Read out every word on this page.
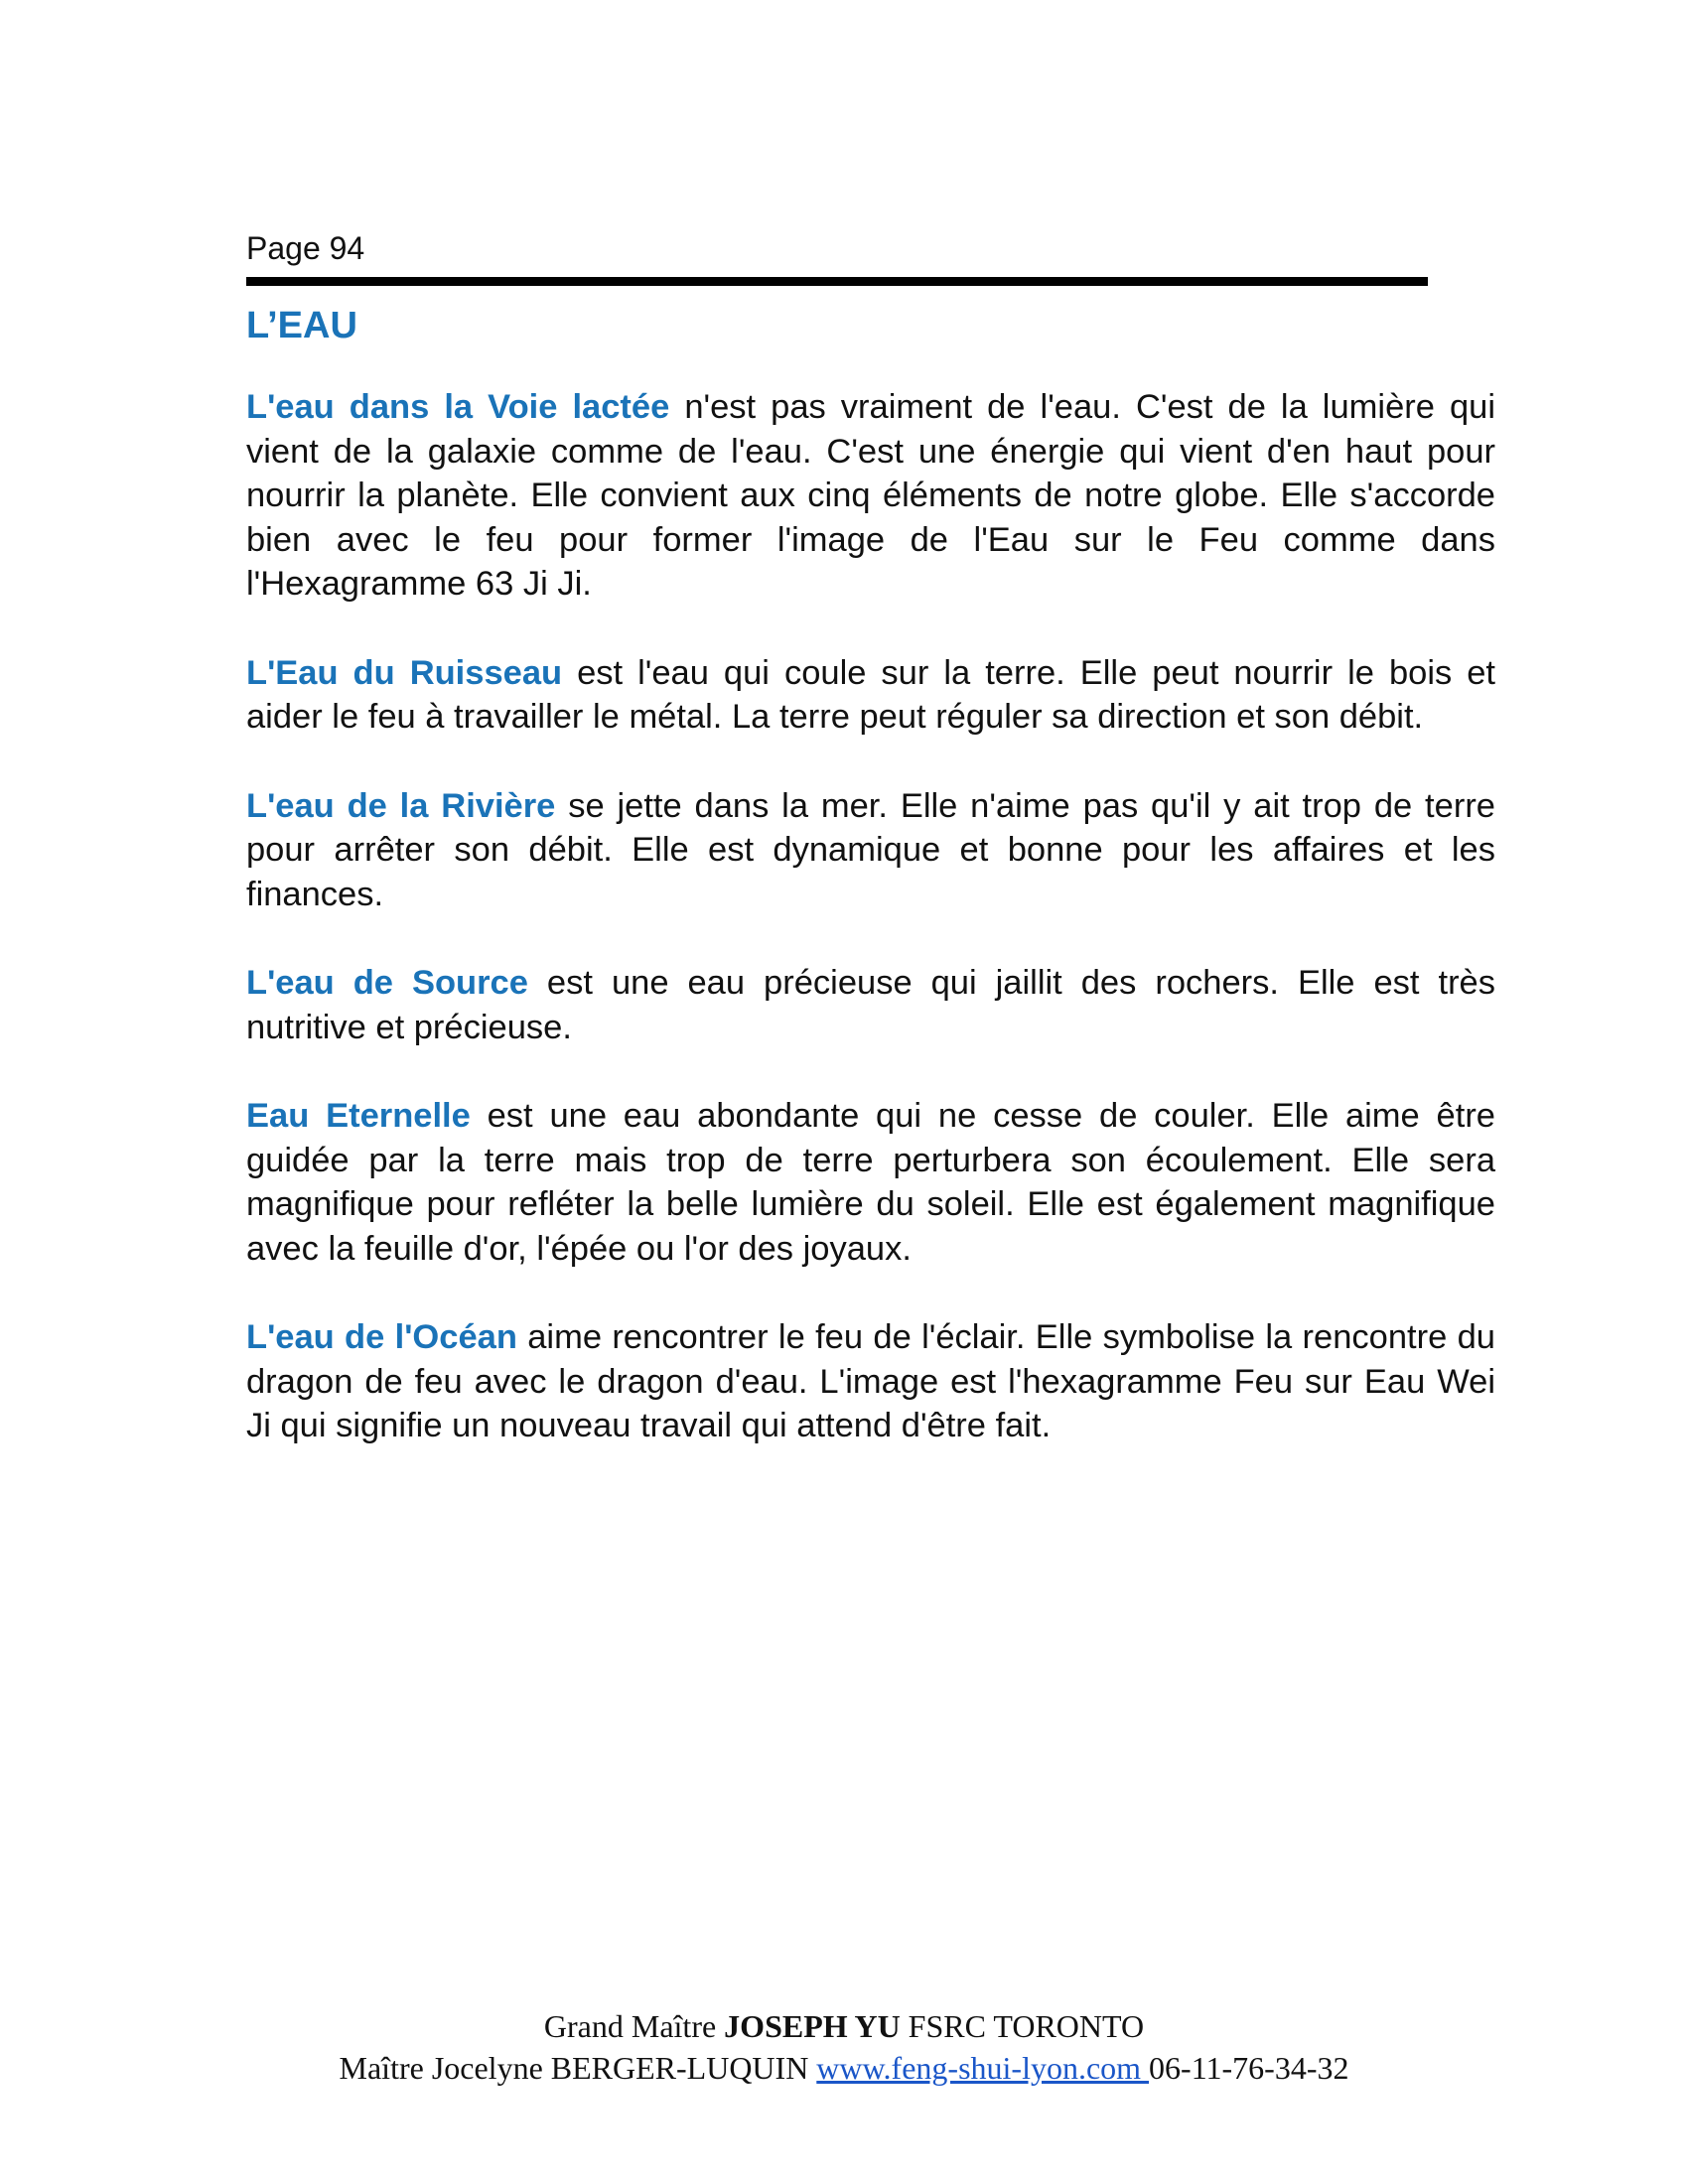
Page 94
L’EAU

L'eau dans la Voie lactée n'est pas vraiment de l'eau. C'est de la lumière qui vient de la galaxie comme de l'eau. C'est une énergie qui vient d'en haut pour nourrir la planète. Elle convient aux cinq éléments de notre globe. Elle s'accorde bien avec le feu pour former l'image de l'Eau sur le Feu comme dans l'Hexagramme 63 Ji Ji.

L'Eau du Ruisseau est l'eau qui coule sur la terre. Elle peut nourrir le bois et aider le feu à travailler le métal. La terre peut réguler sa direction et son débit.

L'eau de la Rivière se jette dans la mer. Elle n'aime pas qu'il y ait trop de terre pour arrêter son débit. Elle est dynamique et bonne pour les affaires et les finances.

L'eau de Source est une eau précieuse qui jaillit des rochers. Elle est très nutritive et précieuse.

Eau Eternelle est une eau abondante qui ne cesse de couler. Elle aime être guidée par la terre mais trop de terre perturbera son écoulement. Elle sera magnifique pour refléter la belle lumière du soleil. Elle est également magnifique avec la feuille d'or, l'épée ou l'or des joyaux.

L'eau de l'Océan aime rencontrer le feu de l'éclair. Elle symbolise la rencontre du dragon de feu avec le dragon d'eau. L'image est l'hexagramme Feu sur Eau Wei Ji qui signifie un nouveau travail qui attend d'être fait.

Grand Maître JOSEPH YU FSRC TORONTO
Maître Jocelyne BERGER-LUQUIN www.feng-shui-lyon.com 06-11-76-34-32
